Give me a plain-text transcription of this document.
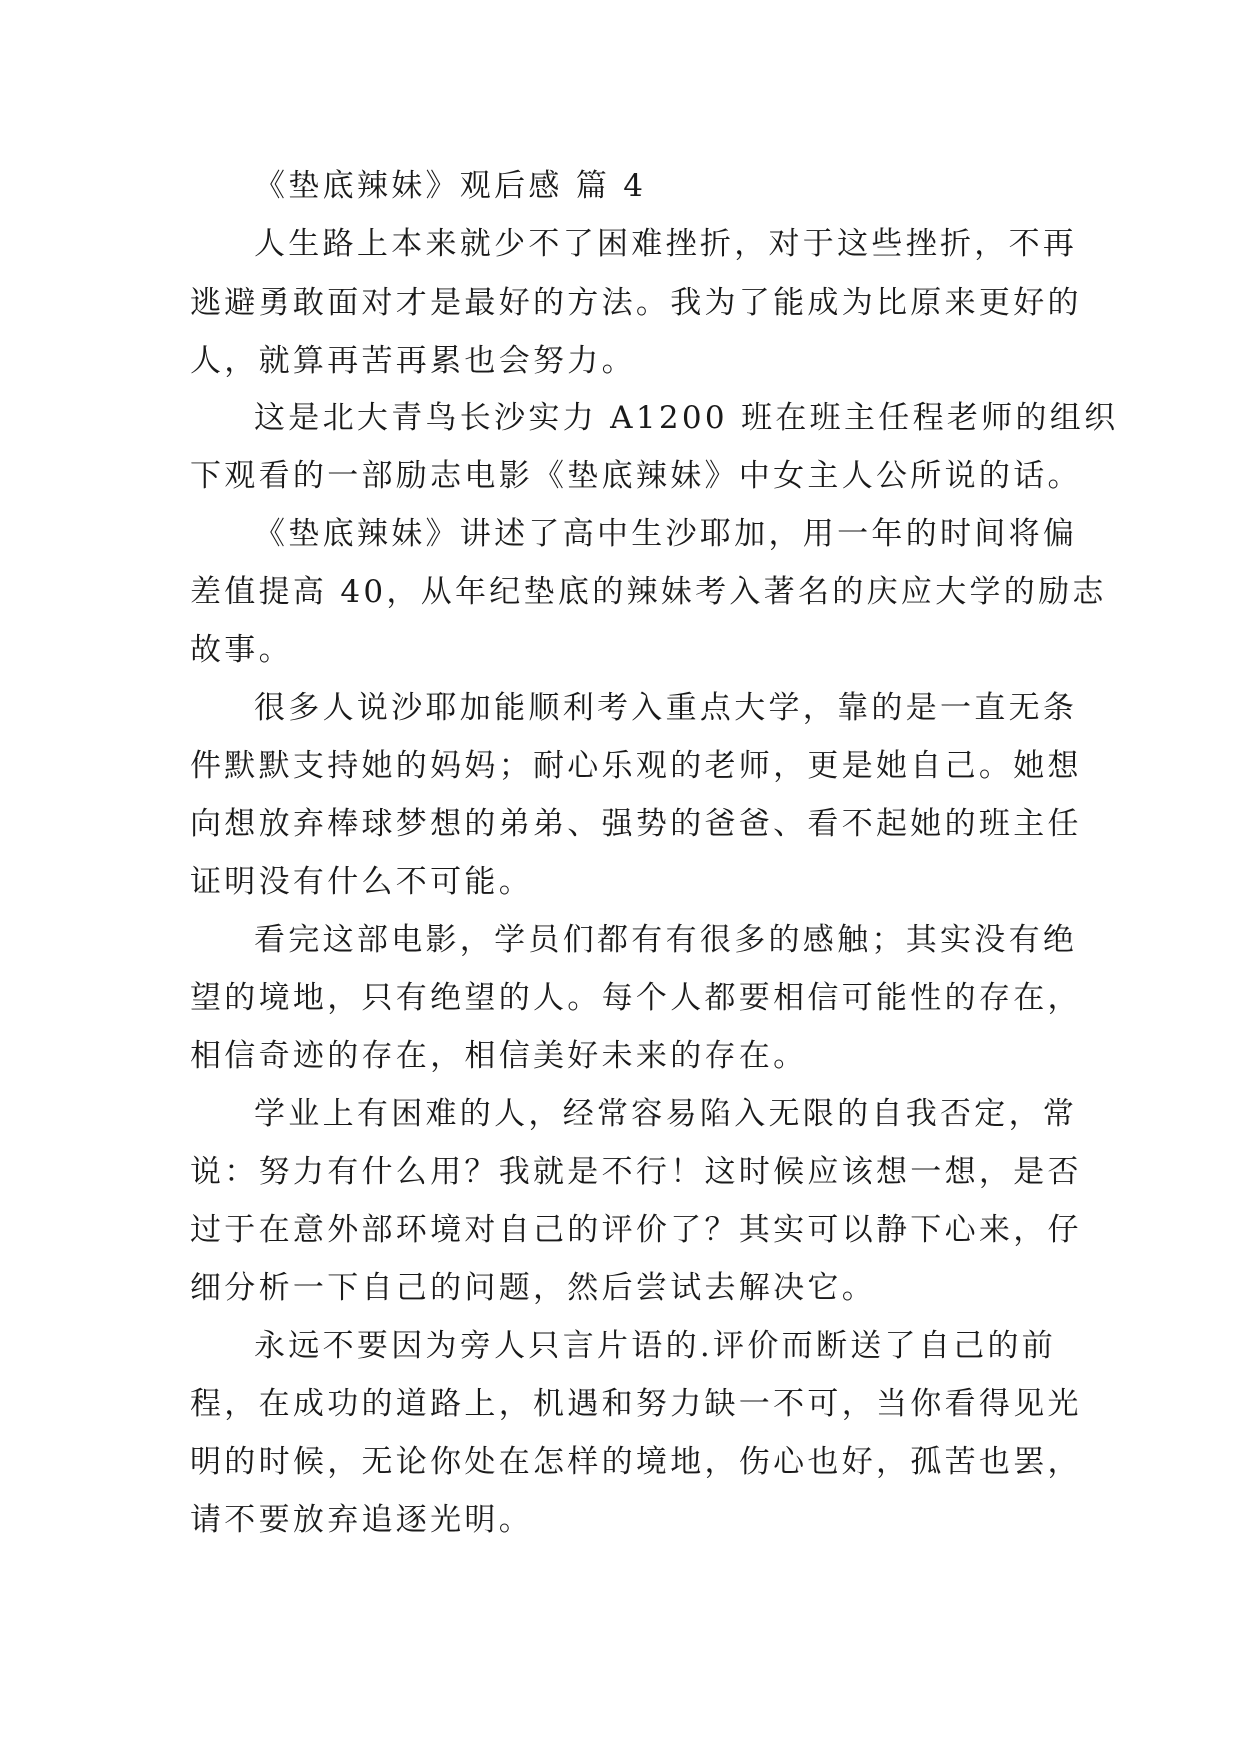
《垫底辣妹》观后感 篇 4
人生路上本来就少不了困难挫折，对于这些挫折，不再
逃避勇敢面对才是最好的方法。我为了能成为比原来更好的
人，就算再苦再累也会努力。
这是北大青鸟长沙实力 A1200 班在班主任程老师的组织
下观看的一部励志电影《垫底辣妹》中女主人公所说的话。
《垫底辣妹》讲述了高中生沙耶加，用一年的时间将偏
差值提高 40，从年纪垫底的辣妹考入著名的庆应大学的励志
故事。
很多人说沙耶加能顺利考入重点大学，靠的是一直无条
件默默支持她的妈妈；耐心乐观的老师，更是她自己。她想
向想放弃棒球梦想的弟弟、强势的爸爸、看不起她的班主任
证明没有什么不可能。
看完这部电影，学员们都有有很多的感触；其实没有绝
望的境地，只有绝望的人。每个人都要相信可能性的存在，
相信奇迹的存在，相信美好未来的存在。
学业上有困难的人，经常容易陷入无限的自我否定，常
说：努力有什么用？我就是不行！这时候应该想一想，是否
过于在意外部环境对自己的评价了？其实可以静下心来，仔
细分析一下自己的问题，然后尝试去解决它。
永远不要因为旁人只言片语的.评价而断送了自己的前
程，在成功的道路上，机遇和努力缺一不可，当你看得见光
明的时候，无论你处在怎样的境地，伤心也好，孤苦也罢，
请不要放弃追逐光明。
